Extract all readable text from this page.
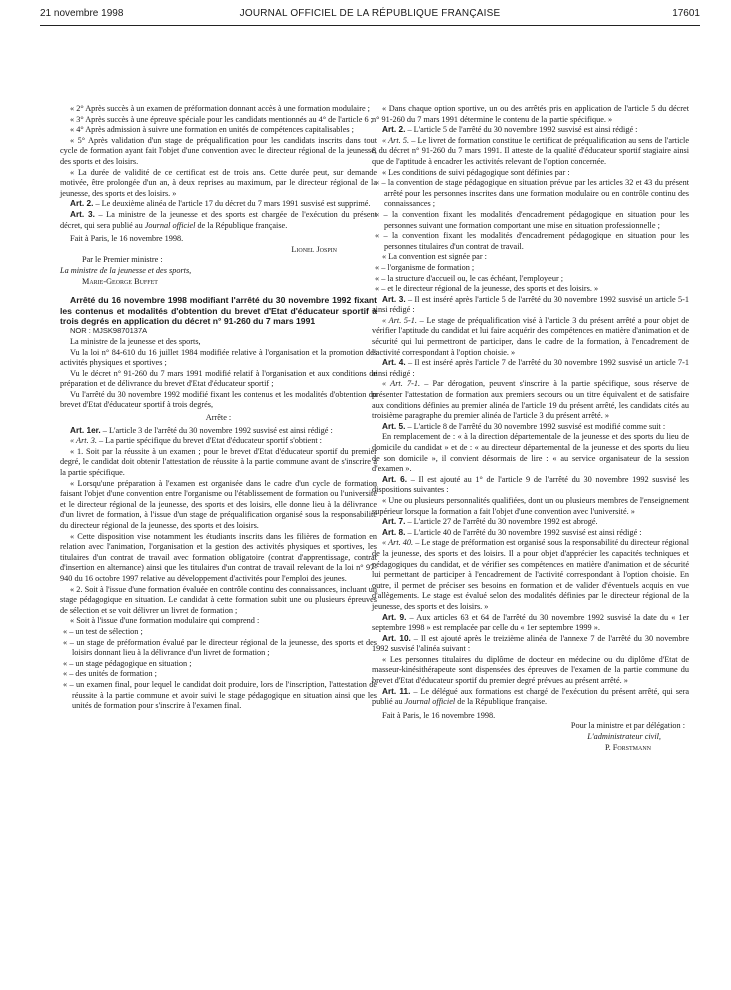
21 novembre 1998	JOURNAL OFFICIEL DE LA RÉPUBLIQUE FRANÇAISE	17601

« 2° Après succès à un examen de préformation donnant accès à une formation modulaire ;

« 3° Après succès à une épreuve spéciale pour les candidats mentionnés au 4° de l'article 6 ;

« 4° Après admission à suivre une formation en unités de compétences capitalisables ;

« 5° Après validation d'un stage de préqualification pour les candidats inscrits dans tout cycle de formation ayant fait l'objet d'une convention avec le directeur régional de la jeunesse, des sports et des loisirs.

« La durée de validité de ce certificat est de trois ans. Cette durée peut, sur demande motivée, être prolongée d'un an, à deux reprises au maximum, par le directeur régional de la jeunesse, des sports et des loisirs. »

Art. 2. – Le deuxième alinéa de l'article 17 du décret du 7 mars 1991 susvisé est supprimé.

Art. 3. – La ministre de la jeunesse et des sports est chargée de l'exécution du présent décret, qui sera publié au Journal officiel de la République française.

Fait à Paris, le 16 novembre 1998.

Lionel Jospin

Par le Premier ministre :

La ministre de la jeunesse et des sports,

Marie-George Buffet

Arrêté du 16 novembre 1998 modifiant l'arrêté du 30 novembre 1992 fixant les contenus et modalités d'obtention du brevet d'Etat d'éducateur sportif à trois degrés en application du décret n° 91-260 du 7 mars 1991

NOR : MJSK9870137A

La ministre de la jeunesse et des sports,

Vu la loi n° 84-610 du 16 juillet 1984 modifiée relative à l'organisation et la promotion des activités physiques et sportives ;

Vu le décret n° 91-260 du 7 mars 1991 modifié relatif à l'organisation et aux conditions de préparation et de délivrance du brevet d'Etat d'éducateur sportif ;

Vu l'arrêté du 30 novembre 1992 modifié fixant les contenus et les modalités d'obtention du brevet d'Etat d'éducateur sportif à trois degrés,

Arrête :

Art. 1er. – L'article 3 de l'arrêté du 30 novembre 1992 susvisé est ainsi rédigé :

« Art. 3. – La partie spécifique du brevet d'Etat d'éducateur sportif s'obtient :

« 1. Soit par la réussite à un examen ; pour le brevet d'Etat d'éducateur sportif du premier degré, le candidat doit obtenir l'attestation de réussite à la partie commune avant de s'inscrire à la partie spécifique.

« Lorsqu'une préparation à l'examen est organisée dans le cadre d'un cycle de formation faisant l'objet d'une convention entre l'organisme ou l'établissement de formation ou l'université et le directeur régional de la jeunesse, des sports et des loisirs, elle donne lieu à la délivrance d'un livret de formation, à l'issue d'un stage de préqualification organisé sous la responsabilité du directeur régional de la jeunesse, des sports et des loisirs.

« Cette disposition vise notamment les étudiants inscrits dans les filières de formation en relation avec l'animation, l'organisation et la gestion des activités physiques et sportives, les titulaires d'un contrat de travail avec formation obligatoire (contrat d'apprentissage, contrat d'insertion en alternance) ainsi que les titulaires d'un contrat de travail relevant de la loi n° 97-940 du 16 octobre 1997 relative au développement d'activités pour l'emploi des jeunes.

« 2. Soit à l'issue d'une formation évaluée en contrôle continu des connaissances, incluant un stage pédagogique en situation. Le candidat à cette formation subit une ou plusieurs épreuves de sélection et se voit délivrer un livret de formation ;

« Soit à l'issue d'une formation modulaire qui comprend :

« – un test de sélection ;

« – un stage de préformation évalué par le directeur régional de la jeunesse, des sports et des loisirs donnant lieu à la délivrance d'un livret de formation ;

« – un stage pédagogique en situation ;

« – des unités de formation ;

« – un examen final, pour lequel le candidat doit produire, lors de l'inscription, l'attestation de réussite à la partie commune et avoir suivi le stage pédagogique en situation ainsi que les unités de formation pour s'inscrire à l'examen final.

« Dans chaque option sportive, un ou des arrêtés pris en application de l'article 5 du décret n° 91-260 du 7 mars 1991 détermine le contenu de la partie spécifique. »

Art. 2. – L'article 5 de l'arrêté du 30 novembre 1992 susvisé est ainsi rédigé :

« Art. 5. – Le livret de formation constitue le certificat de préqualification au sens de l'article 8 du décret n° 91-260 du 7 mars 1991. Il atteste de la qualité d'éducateur sportif stagiaire ainsi que de l'aptitude à encadrer les activités relevant de l'option concernée.

« Les conditions de suivi pédagogique sont définies par :

« – la convention de stage pédagogique en situation prévue par les articles 32 et 43 du présent arrêté pour les personnes inscrites dans une formation modulaire ou en contrôle continu des connaissances ;

« – la convention fixant les modalités d'encadrement pédagogique en situation pour les personnes suivant une formation comportant une mise en situation professionnelle ;

« – la convention fixant les modalités d'encadrement pédagogique en situation pour les personnes titulaires d'un contrat de travail.

« La convention est signée par :

« – l'organisme de formation ;

« – la structure d'accueil ou, le cas échéant, l'employeur ;

« – et le directeur régional de la jeunesse, des sports et des loisirs. »

Art. 3. – Il est inséré après l'article 5 de l'arrêté du 30 novembre 1992 susvisé un article 5-1 ainsi rédigé :

« Art. 5-1. – Le stage de préqualification visé à l'article 3 du présent arrêté a pour objet de vérifier l'aptitude du candidat et lui faire acquérir des compétences en matière d'animation et de sécurité qui lui permettront de participer, dans le cadre de la formation, à l'encadrement de l'activité correspondant à l'option choisie. »

Art. 4. – Il est inséré après l'article 7 de l'arrêté du 30 novembre 1992 susvisé un article 7-1 ainsi rédigé :

« Art. 7-1. – Par dérogation, peuvent s'inscrire à la partie spécifique, sous réserve de présenter l'attestation de formation aux premiers secours ou un titre équivalent et de satisfaire aux conditions définies au premier alinéa de l'article 19 du présent arrêté, les candidats cités au troisième paragraphe du premier alinéa de l'article 3 du présent arrêté. »

Art. 5. – L'article 8 de l'arrêté du 30 novembre 1992 susvisé est modifié comme suit :

En remplacement de : « à la direction départementale de la jeunesse et des sports du lieu de domicile du candidat » et de : « au directeur départemental de la jeunesse et des sports du lieu de son domicile », il convient désormais de lire : « au service organisateur de la session d'examen ».

Art. 6. – Il est ajouté au 1° de l'article 9 de l'arrêté du 30 novembre 1992 susvisé les dispositions suivantes :

« Une ou plusieurs personnalités qualifiées, dont un ou plusieurs membres de l'enseignement supérieur lorsque la formation a fait l'objet d'une convention avec l'université. »

Art. 7. – L'article 27 de l'arrêté du 30 novembre 1992 est abrogé.

Art. 8. – L'article 40 de l'arrêté du 30 novembre 1992 susvisé est ainsi rédigé :

« Art. 40. – Le stage de préformation est organisé sous la responsabilité du directeur régional de la jeunesse, des sports et des loisirs. Il a pour objet d'apprécier les capacités techniques et pédagogiques du candidat, et de vérifier ses compétences en matière d'animation et de sécurité lui permettant de participer à l'encadrement de l'activité correspondant à l'option choisie. En outre, il permet de préciser ses besoins en formation et de valider d'éventuels acquis en vue d'allègements. Le stage est évalué selon des modalités définies par le directeur régional de la jeunesse, des sports et des loisirs. »

Art. 9. – Aux articles 63 et 64 de l'arrêté du 30 novembre 1992 susvisé la date du « 1er septembre 1998 » est remplacée par celle du « 1er septembre 1999 ».

Art. 10. – Il est ajouté après le treizième alinéa de l'annexe 7 de l'arrêté du 30 novembre 1992 susvisé l'alinéa suivant :

« Les personnes titulaires du diplôme de docteur en médecine ou du diplôme d'Etat de masseur-kinésithérapeute sont dispensées des épreuves de l'examen de la partie commune du brevet d'Etat d'éducateur sportif du premier degré prévues au présent arrêté. »

Art. 11. – Le délégué aux formations est chargé de l'exécution du présent arrêté, qui sera publié au Journal officiel de la République française.

Fait à Paris, le 16 novembre 1998.

Pour la ministre et par délégation :

L'administrateur civil,

P. Forstmann
